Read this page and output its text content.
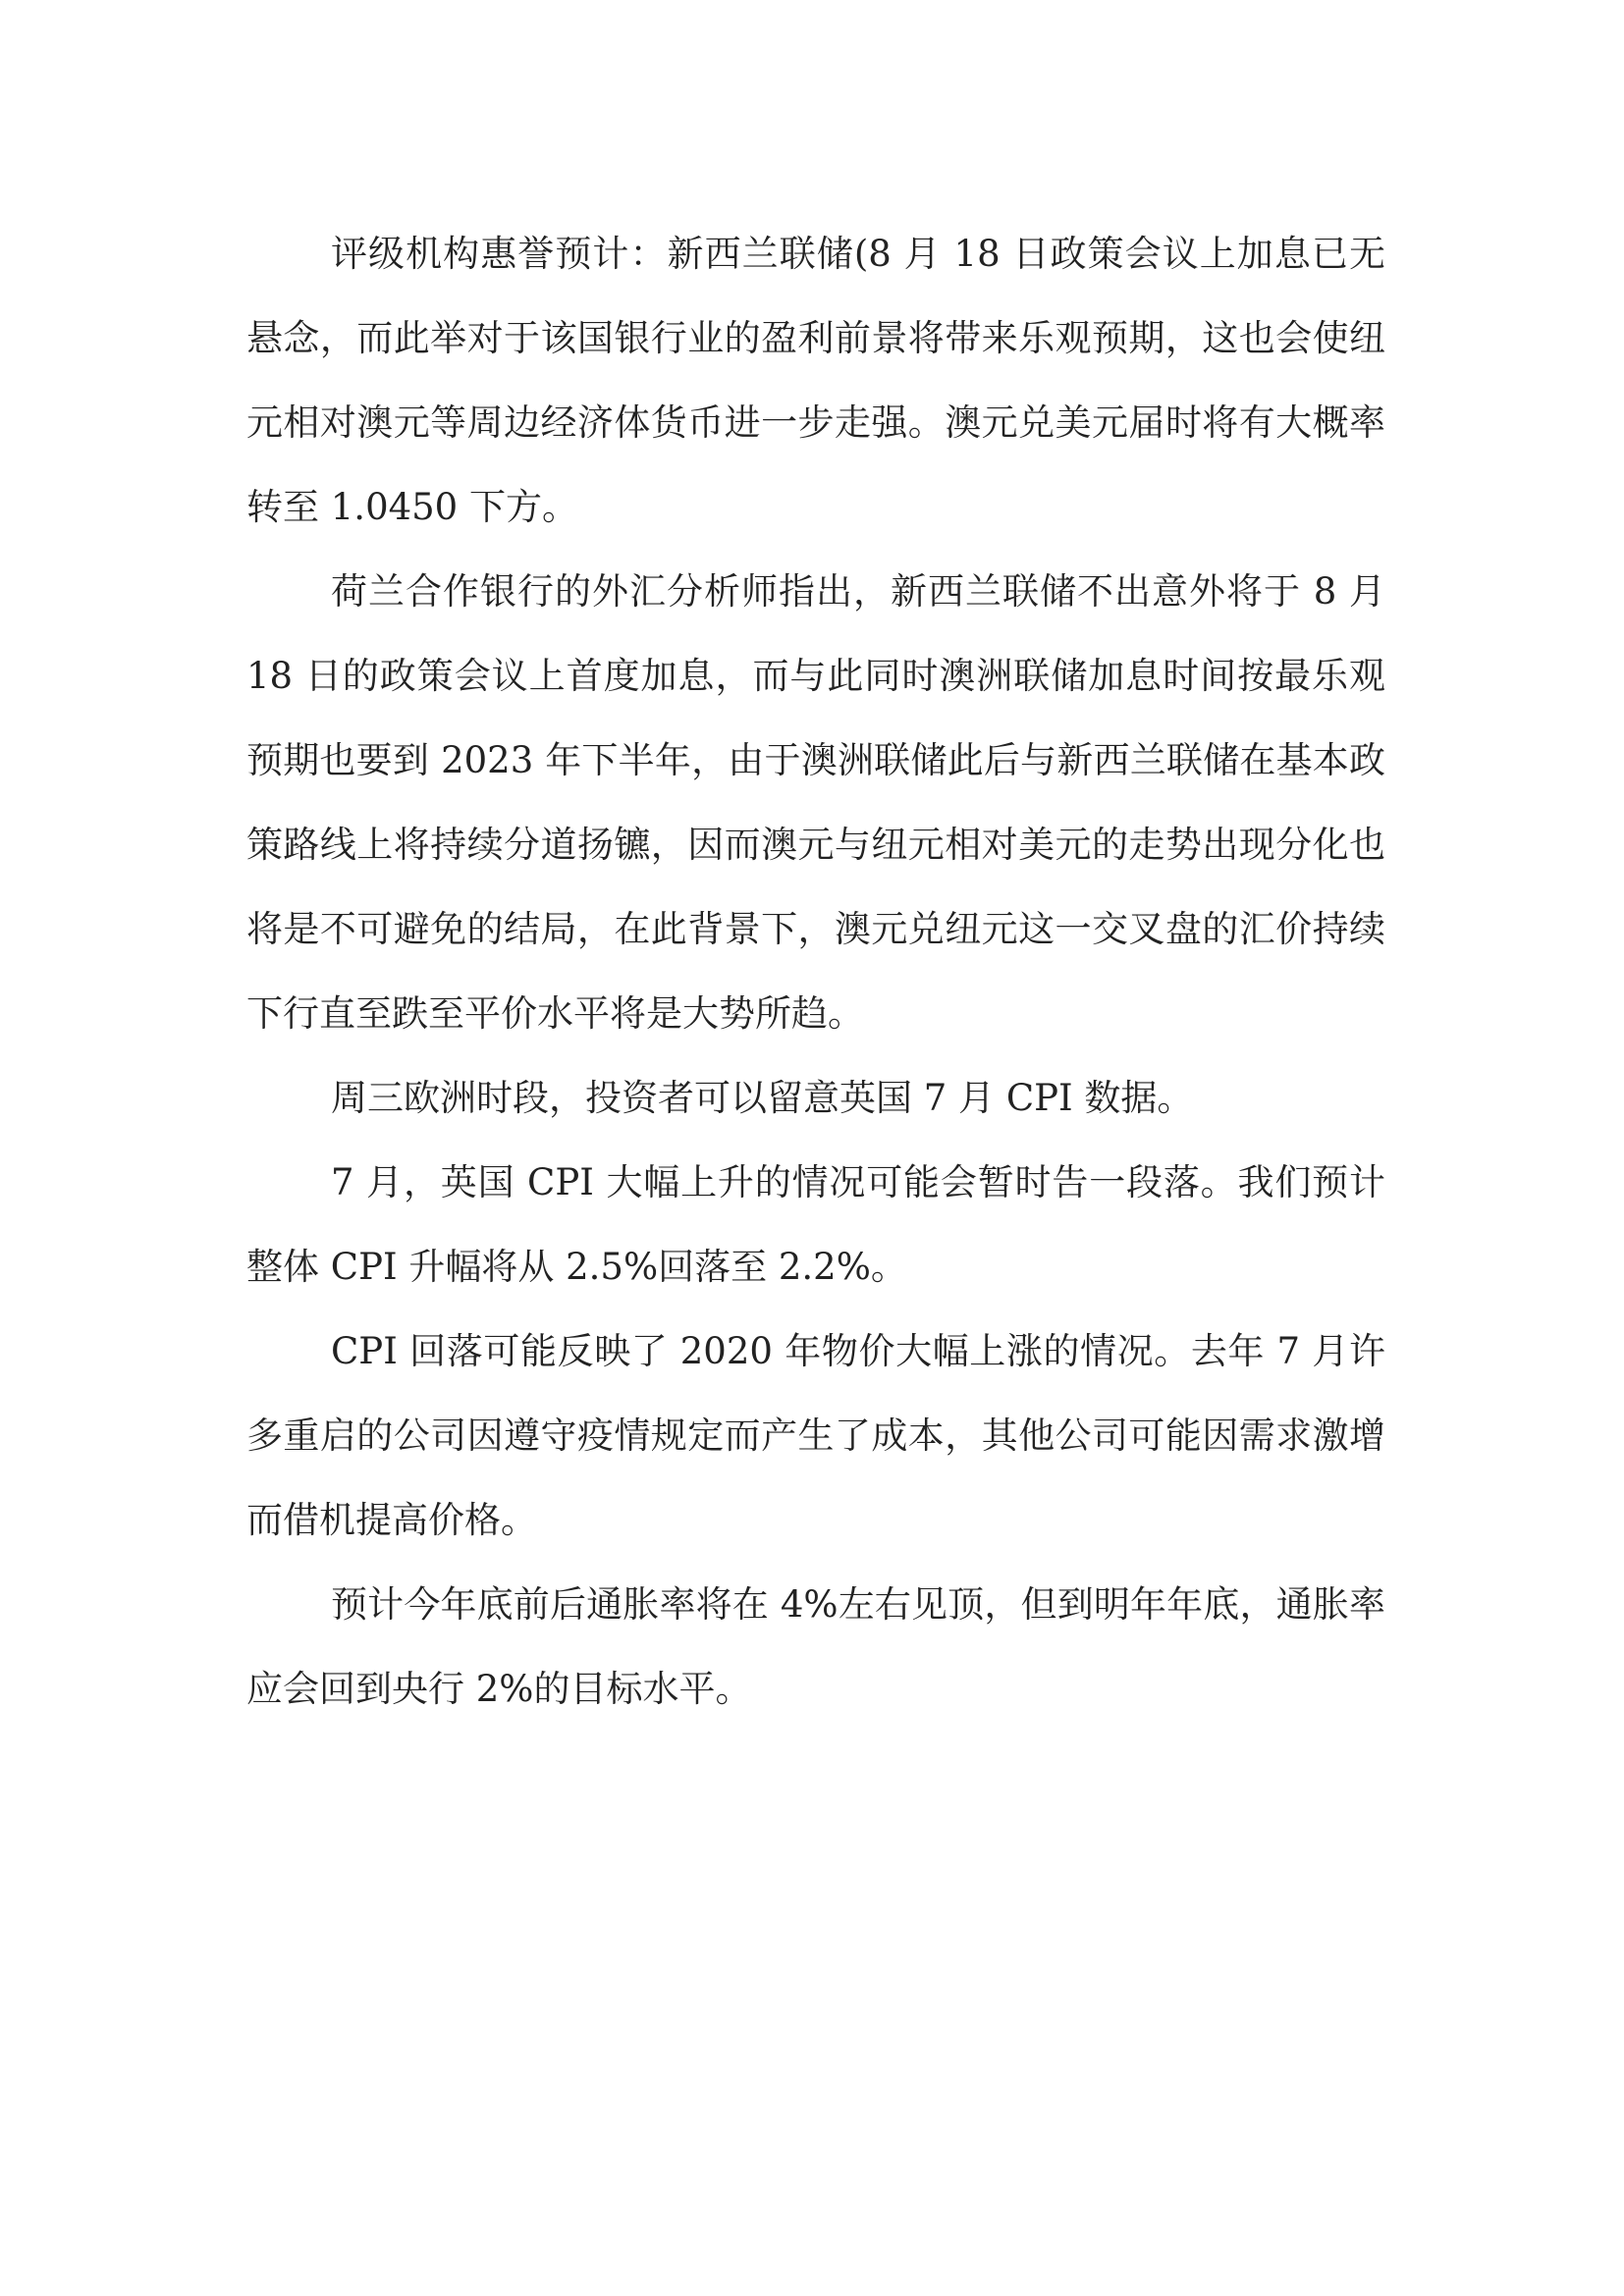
评级机构惠誉预计：新西兰联储(8 月 18 日政策会议上加息已无悬念，而此举对于该国银行业的盈利前景将带来乐观预期，这也会使纽元相对澳元等周边经济体货币进一步走强。澳元兑美元届时将有大概率转至 1.0450 下方。

荷兰合作银行的外汇分析师指出，新西兰联储不出意外将于 8 月 18 日的政策会议上首度加息，而与此同时澳洲联储加息时间按最乐观预期也要到 2023 年下半年，由于澳洲联储此后与新西兰联储在基本政策路线上将持续分道扬镳，因而澳元与纽元相对美元的走势出现分化也将是不可避免的结局，在此背景下，澳元兑纽元这一交叉盘的汇价持续下行直至跌至平价水平将是大势所趋。

周三欧洲时段，投资者可以留意英国 7 月 CPI 数据。

7 月，英国 CPI 大幅上升的情况可能会暂时告一段落。我们预计整体 CPI 升幅将从 2.5%回落至 2.2%。

CPI 回落可能反映了 2020 年物价大幅上涨的情况。去年 7 月许多重启的公司因遵守疫情规定而产生了成本，其他公司可能因需求激增而借机提高价格。

预计今年底前后通胀率将在 4%左右见顶，但到明年年底，通胀率应会回到央行 2%的目标水平。
